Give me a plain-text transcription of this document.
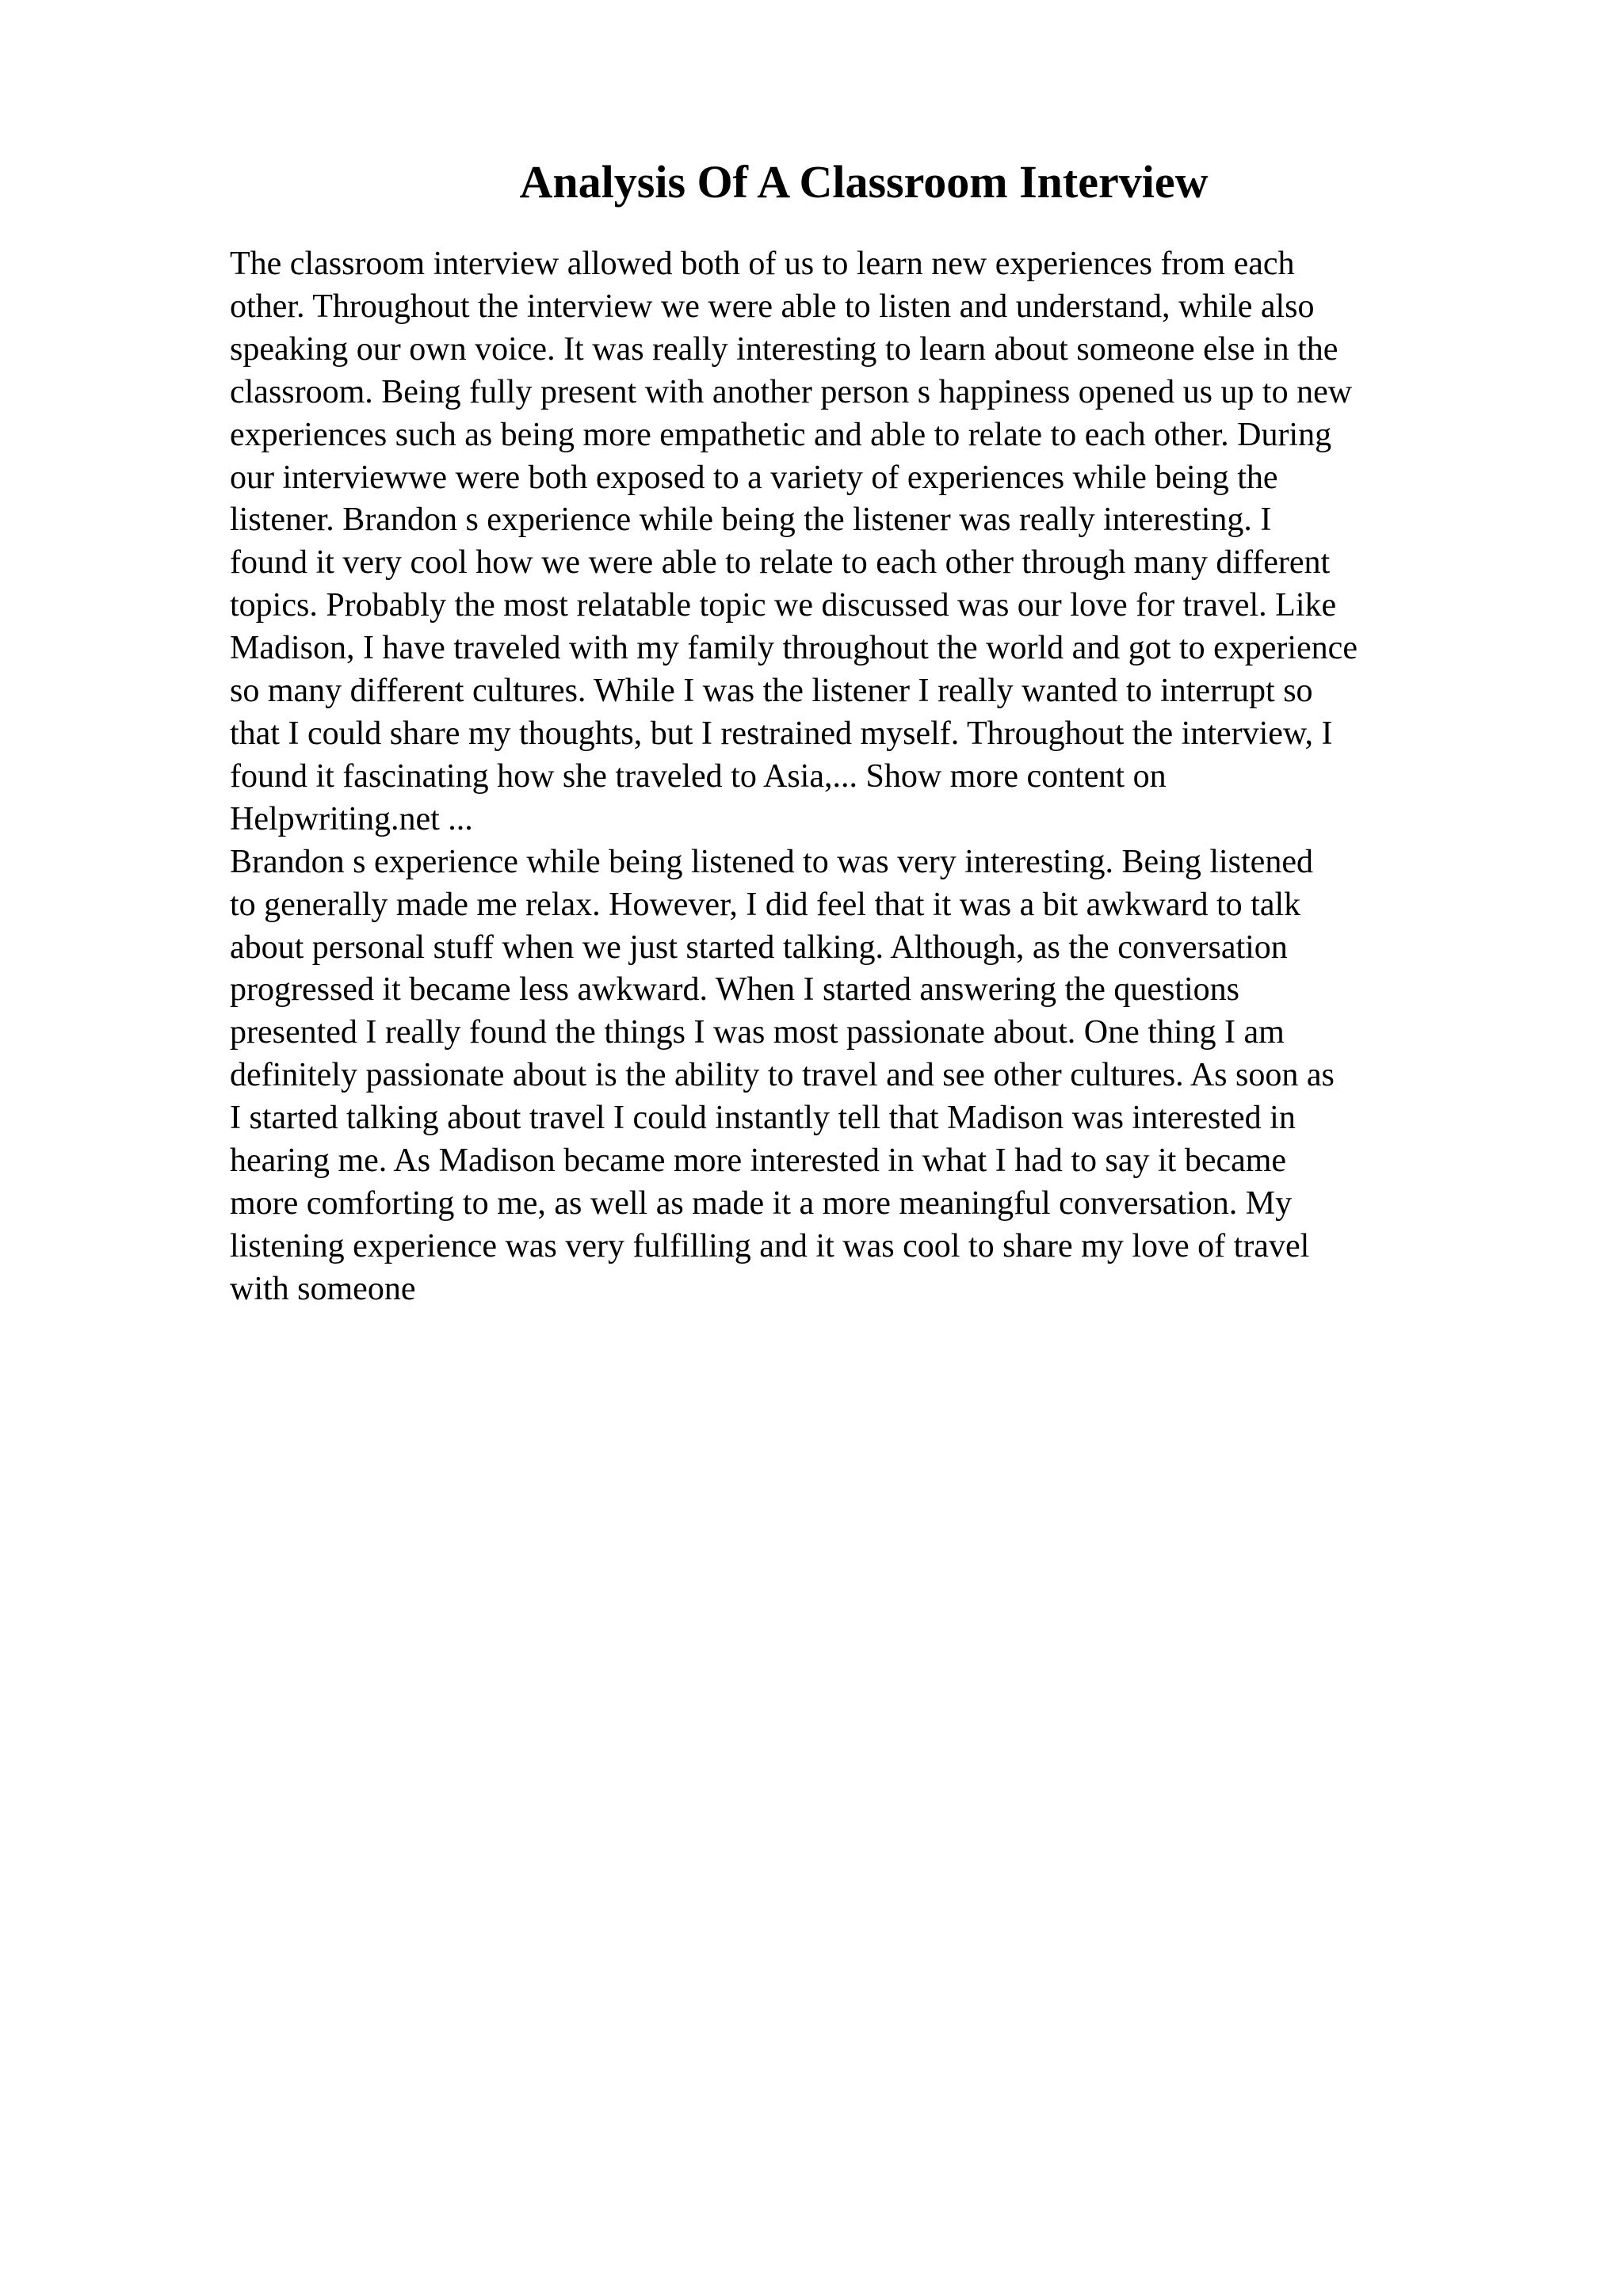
Analysis Of A Classroom Interview
The classroom interview allowed both of us to learn new experiences from each
other. Throughout the interview we were able to listen and understand, while also
speaking our own voice. It was really interesting to learn about someone else in the
classroom. Being fully present with another person s happiness opened us up to new
experiences such as being more empathetic and able to relate to each other. During
our interviewwe were both exposed to a variety of experiences while being the
listener. Brandon s experience while being the listener was really interesting. I
found it very cool how we were able to relate to each other through many different
topics. Probably the most relatable topic we discussed was our love for travel. Like
Madison, I have traveled with my family throughout the world and got to experience
so many different cultures. While I was the listener I really wanted to interrupt so
that I could share my thoughts, but I restrained myself. Throughout the interview, I
found it fascinating how she traveled to Asia,... Show more content on
Helpwriting.net ...
Brandon s experience while being listened to was very interesting. Being listened
to generally made me relax. However, I did feel that it was a bit awkward to talk
about personal stuff when we just started talking. Although, as the conversation
progressed it became less awkward. When I started answering the questions
presented I really found the things I was most passionate about. One thing I am
definitely passionate about is the ability to travel and see other cultures. As soon as
I started talking about travel I could instantly tell that Madison was interested in
hearing me. As Madison became more interested in what I had to say it became
more comforting to me, as well as made it a more meaningful conversation. My
listening experience was very fulfilling and it was cool to share my love of travel
with someone
